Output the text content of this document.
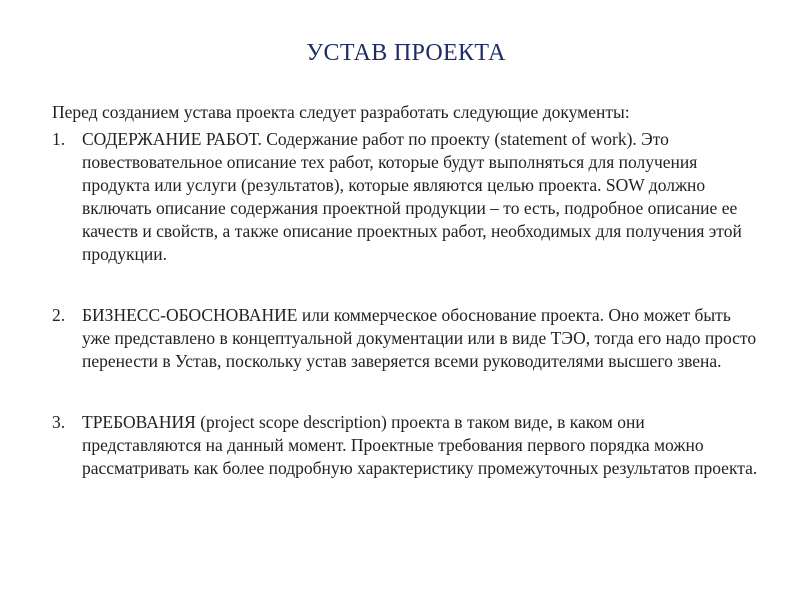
УСТАВ ПРОЕКТА
Перед созданием устава проекта следует разработать следующие документы:
1. СОДЕРЖАНИЕ РАБОТ. Содержание работ по проекту (statement of work). Это повествовательное описание тех работ, которые будут выполняться для получения продукта или услуги (результатов), которые являются целью проекта. SOW должно включать описание содержания проектной продукции – то есть, подробное описание ее качеств и свойств, а также описание проектных работ, необходимых для получения этой продукции.
2. БИЗНЕСС-ОБОСНОВАНИЕ или коммерческое обоснование проекта. Оно может быть уже представлено в концептуальной документации или в виде ТЭО, тогда его надо просто перенести в Устав, поскольку устав заверяется всеми руководителями высшего звена.
3. ТРЕБОВАНИЯ (project scope description) проекта в таком виде, в каком они представляются на данный момент. Проектные требования первого порядка можно рассматривать как более подробную характеристику промежуточных результатов проекта.
